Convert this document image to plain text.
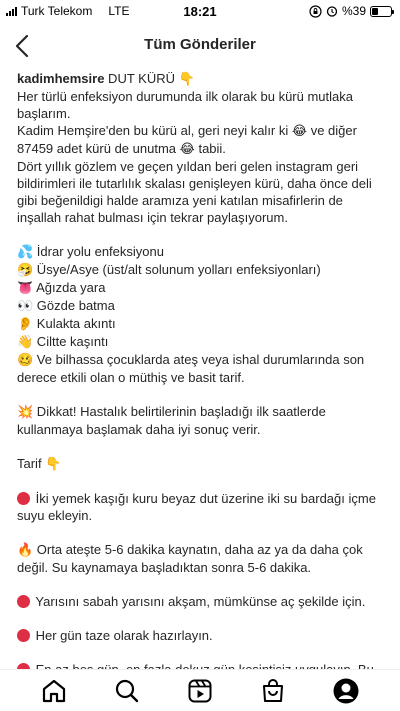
Turk Telekom LTE	18:21	%39
Tüm Gönderiler
kadimhemsire DUT KÜRÜ 👇
Her türlü enfeksiyon durumunda ilk olarak bu kürü mutlaka başlarım.
Kadim Hemşire'den bu kürü al, geri neyi kalır ki 😂 ve diğer 87459 adet kürü de unutma 😂 tabii.
Dört yıllık gözlem ve geçen yıldan beri gelen instagram geri bildirimleri ile tutarlılık skalası genişleyen kürü, daha önce deli gibi beğenildigi halde aramıza yeni katılan misafirlerin de inşallah rahat bulması için tekrar paylaşıyorum.
💦 İdrar yolu enfeksiyonu
🤧 Üsye/Asye (üst/alt solunum yolları enfeksiyonları)
👅 Ağızda yara
👀 Gözde batma
👂 Kulakta akıntı
👋 Ciltte kaşıntı
🥴 Ve bilhassa çocuklarda ateş veya ishal durumlarında son derece etkili olan o müthiş ve basit tarif.
💥 Dikkat! Hastalık belirtilerinin başladığı ilk saatlerde kullanmaya başlamak daha iyi sonuç verir.
Tarif 👇
İki yemek kaşığı kuru beyaz dut üzerine iki su bardağı içme suyu ekleyin.
🔥 Orta ateşte 5-6 dakika kaynatın, daha az ya da daha çok değil. Su kaynamaya başladıktan sonra 5-6 dakika.
Yarısını sabah yarısını akşam, mümkünse aç şekilde için.
Her gün taze olarak hazırlayın.
